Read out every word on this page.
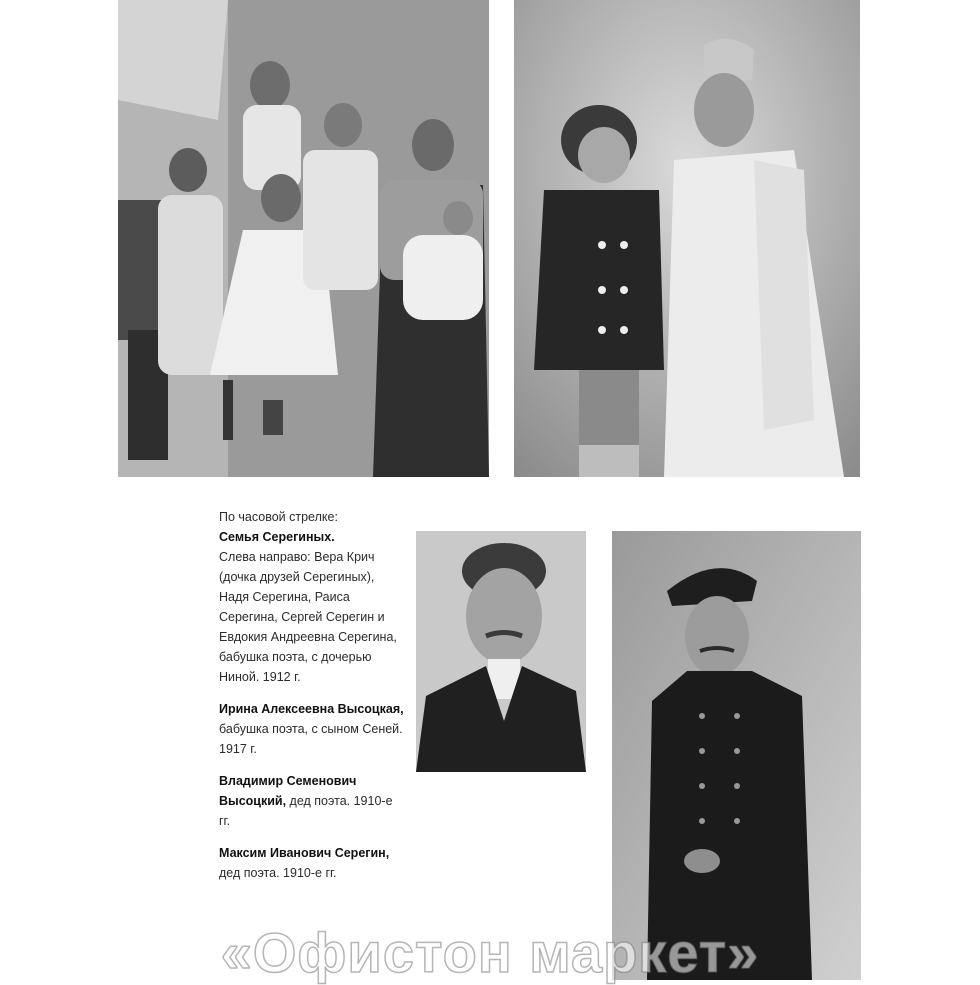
По часовой стрелке:

Семья Серегиных.
Слева направо: Вера Крич (дочка друзей Серегиных), Надя Серегина, Раиса Серегина, Сергей Серегин и Евдокия Андреевна Серегина, бабушка поэта, с дочерью Ниной. 1912 г.

Ирина Алексеевна Высоцкая, бабушка поэта, с сыном Сеней. 1917 г.

Владимир Семенович Высоцкий, дед поэта. 1910-е гг.

Максим Иванович Серегин, дед поэта. 1910-е гг.

«Офистон маркет»
